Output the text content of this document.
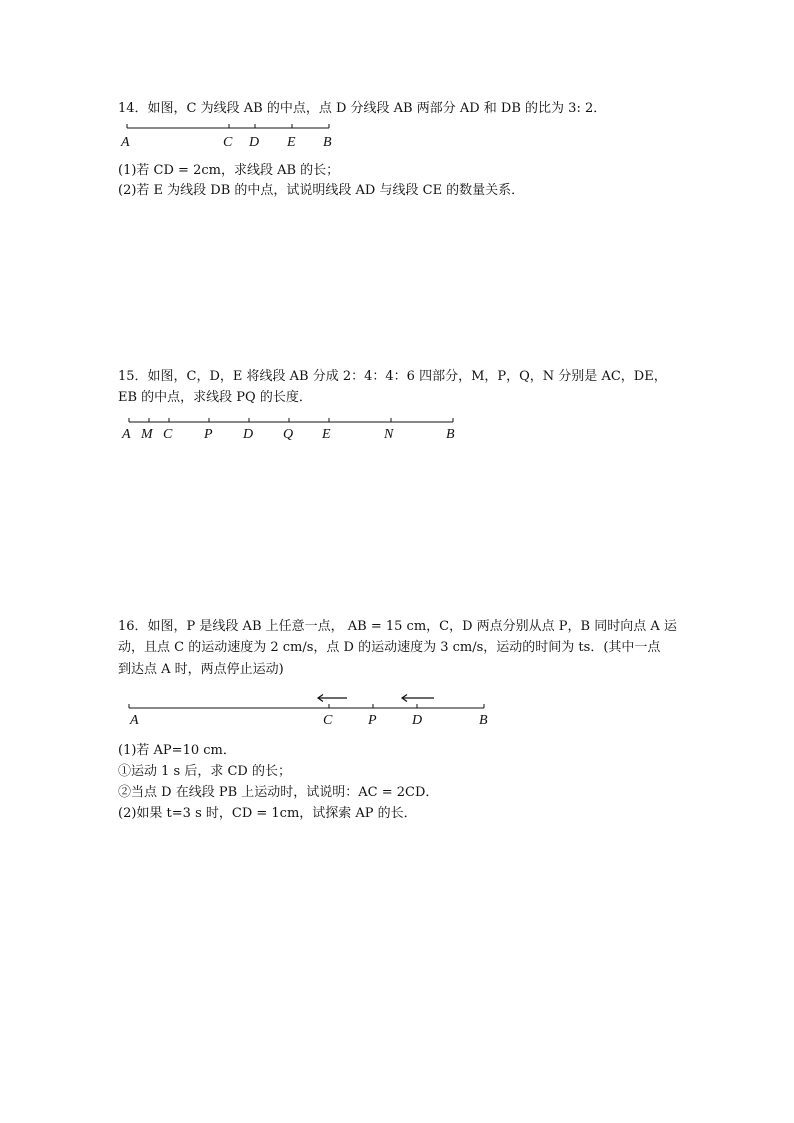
14．如图，C 为线段 AB 的中点，点 D 分线段 AB 两部分 AD 和 DB 的比为 3: 2．
A	C D E B
A M C P D Q E	N	B
A	C	P	D	B
(1)若 CD = 2cm，求线段 AB 的长；
(2)若 E 为线段 DB 的中点，试说明线段 AD 与线段 CE 的数量关系．
15．如图，C，D，E 将线段 AB 分成 2：4：4：6 四部分，M，P，Q，N 分别是 AC，DE，
EB 的中点，求线段 PQ 的长度．
16．如图，P 是线段 AB 上任意一点， AB = 15 cm，C，D 两点分别从点 P，B 同时向点 A 运
动，且点 C 的运动速度为 2 cm/s，点 D 的运动速度为 3 cm/s，运动的时间为 ts．(其中一点
到达点 A 时，两点停止运动)
(1)若 AP=10 cm．
①运动 1 s 后，求 CD 的长；
②当点 D 在线段 PB 上运动时，试说明：AC = 2CD．
(2)如果 t=3 s 时，CD = 1cm，试探索 AP 的长．
